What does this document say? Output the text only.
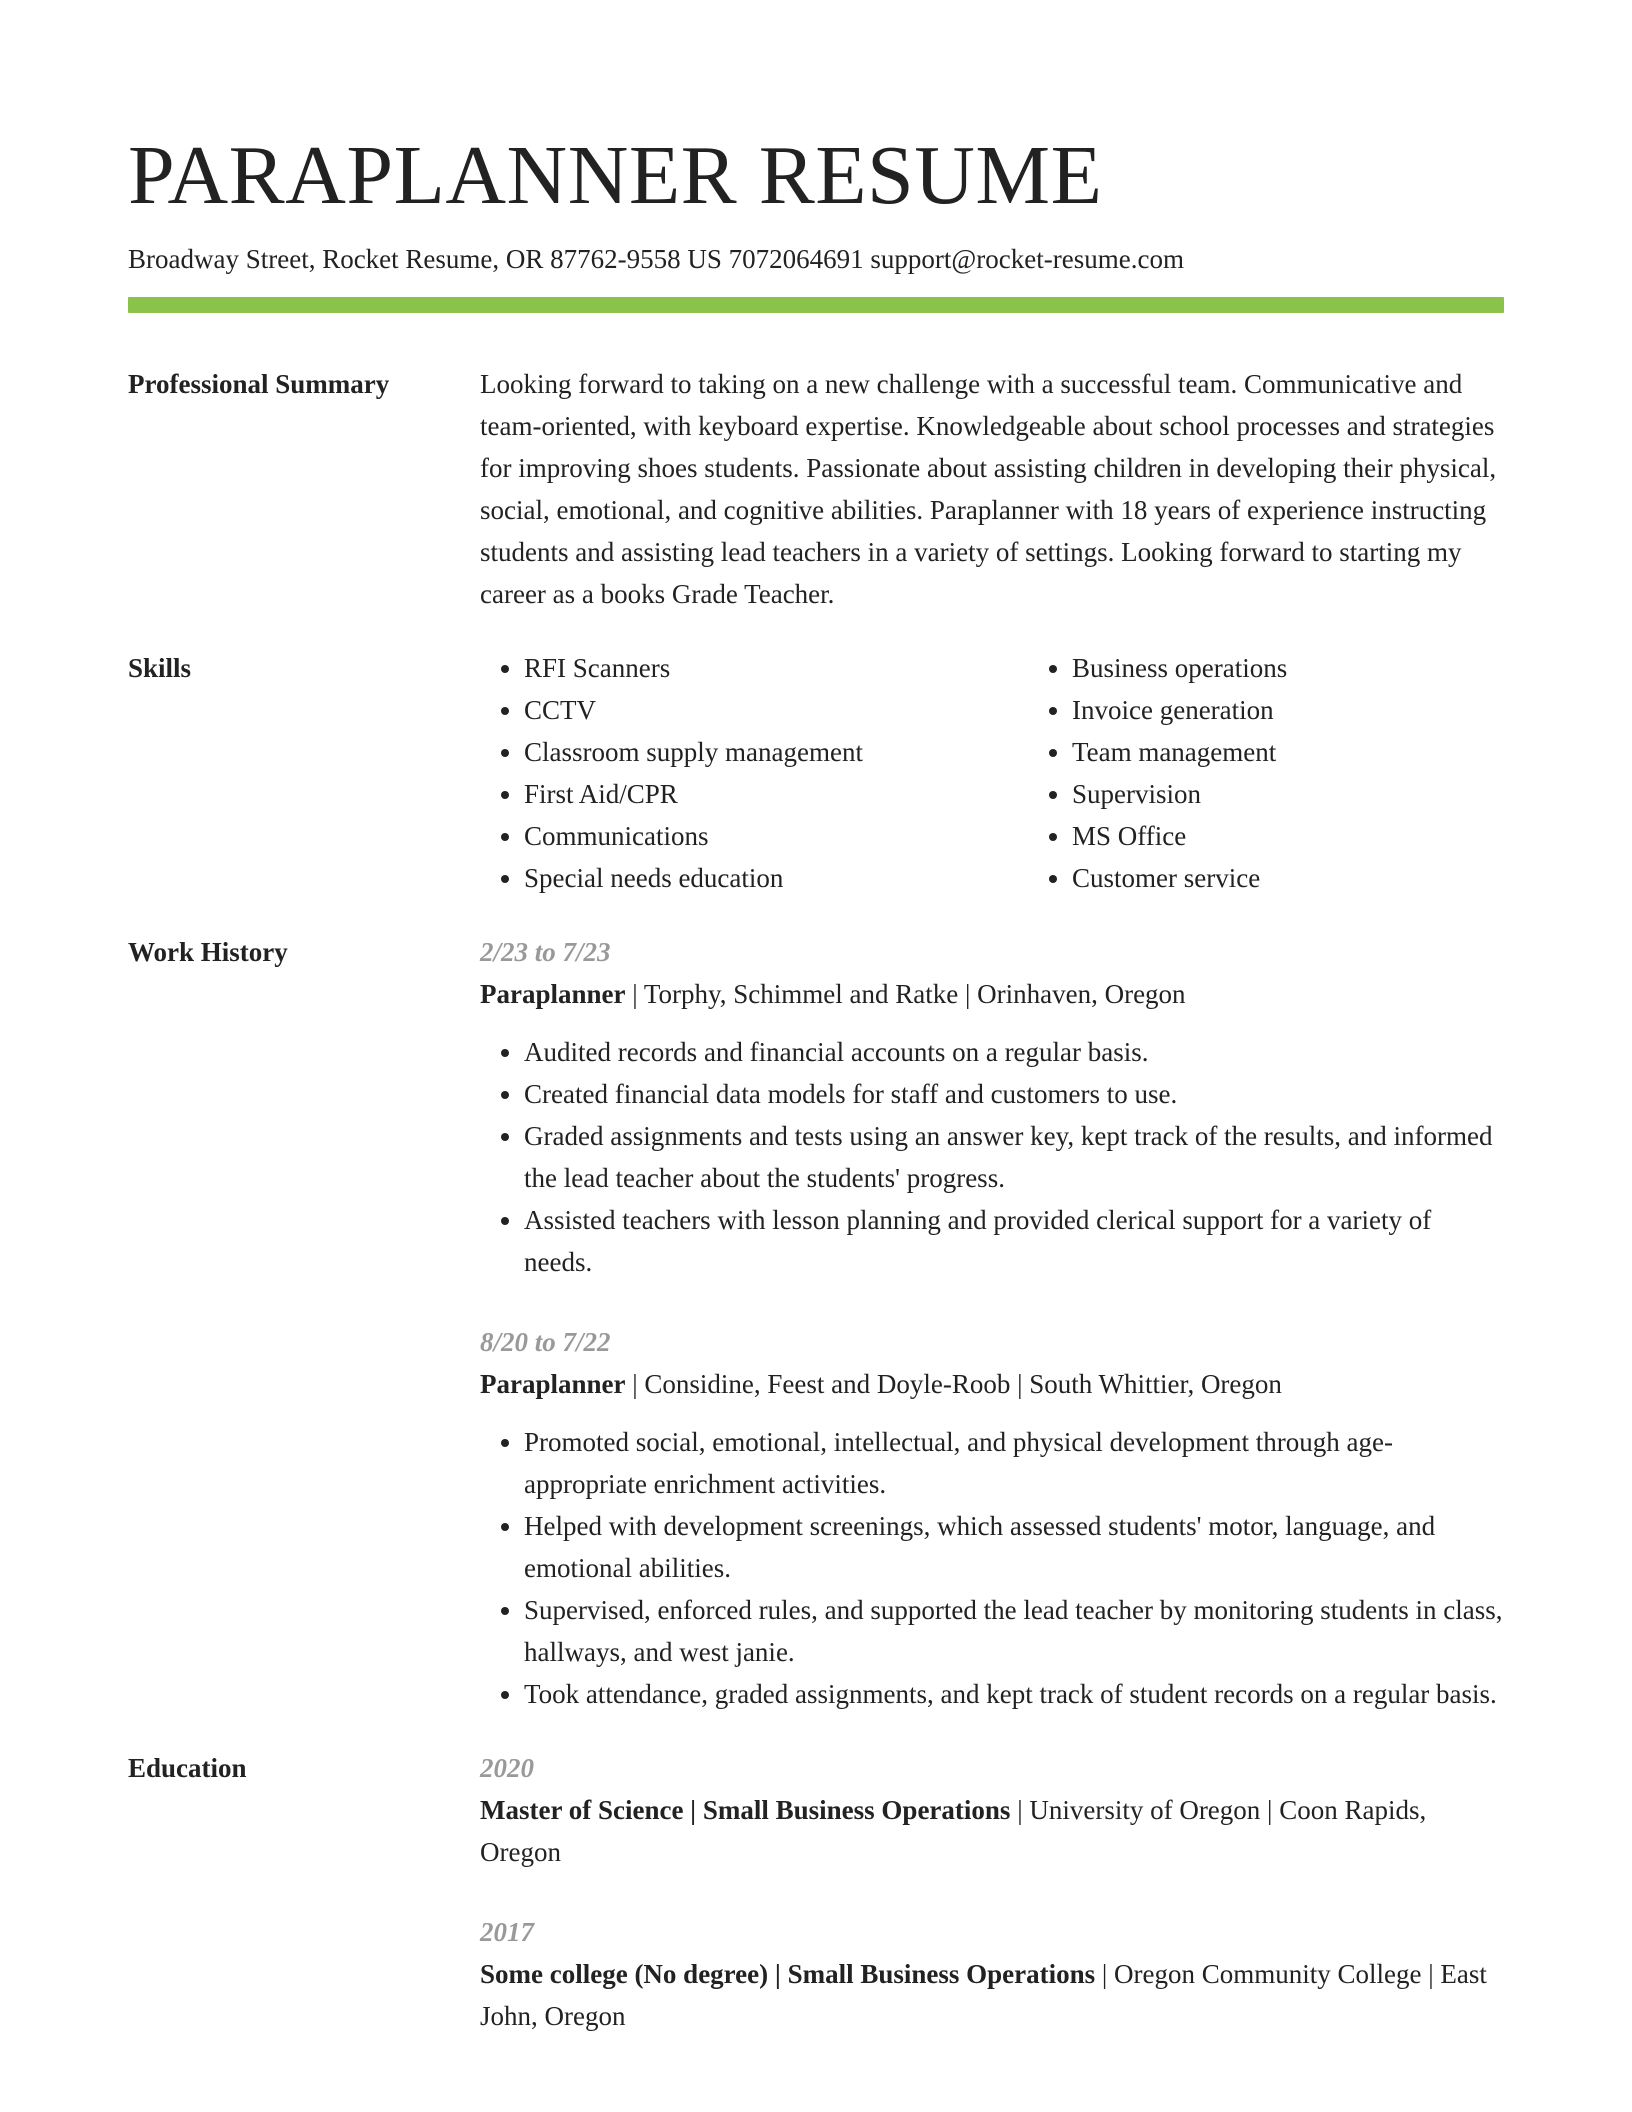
PARAPLANNER RESUME
Broadway Street, Rocket Resume, OR 87762-9558 US 7072064691 support@rocket-resume.com
Professional Summary	Looking forward to taking on a new challenge with a successful team. Communicative and team-oriented, with keyboard expertise. Knowledgeable about school processes and strategies for improving shoes students. Passionate about assisting children in developing their physical, social, emotional, and cognitive abilities. Paraplanner with 18 years of experience instructing students and assisting lead teachers in a variety of settings. Looking forward to starting my career as a books Grade Teacher.
Skills
•	RFI Scanners
• CCTV
• Classroom supply management
• First Aid/CPR
• Communications
• Special needs education
• Business operations
• Invoice generation
• Team management
• Supervision
• MS Office
• Customer service
Work History	2/23 to 7/23
Paraplanner | Torphy, Schimmel and Ratke | Orinhaven, Oregon
• Audited records and financial accounts on a regular basis.
• Created financial data models for staff and customers to use.
• Graded assignments and tests using an answer key, kept track of the results, and informed the lead teacher about the students' progress.
• Assisted teachers with lesson planning and provided clerical support for a variety of needs.
8/20 to 7/22
Paraplanner | Considine, Feest and Doyle-Roob | South Whittier, Oregon
• Promoted social, emotional, intellectual, and physical development through age-appropriate enrichment activities.
• Helped with development screenings, which assessed students' motor, language, and emotional abilities.
• Supervised, enforced rules, and supported the lead teacher by monitoring students in class, hallways, and west janie.
• Took attendance, graded assignments, and kept track of student records on a regular basis.
Education	2020
Master of Science | Small Business Operations | University of Oregon | Coon Rapids, Oregon
2017
Some college (No degree) | Small Business Operations | Oregon Community College | East John, Oregon
